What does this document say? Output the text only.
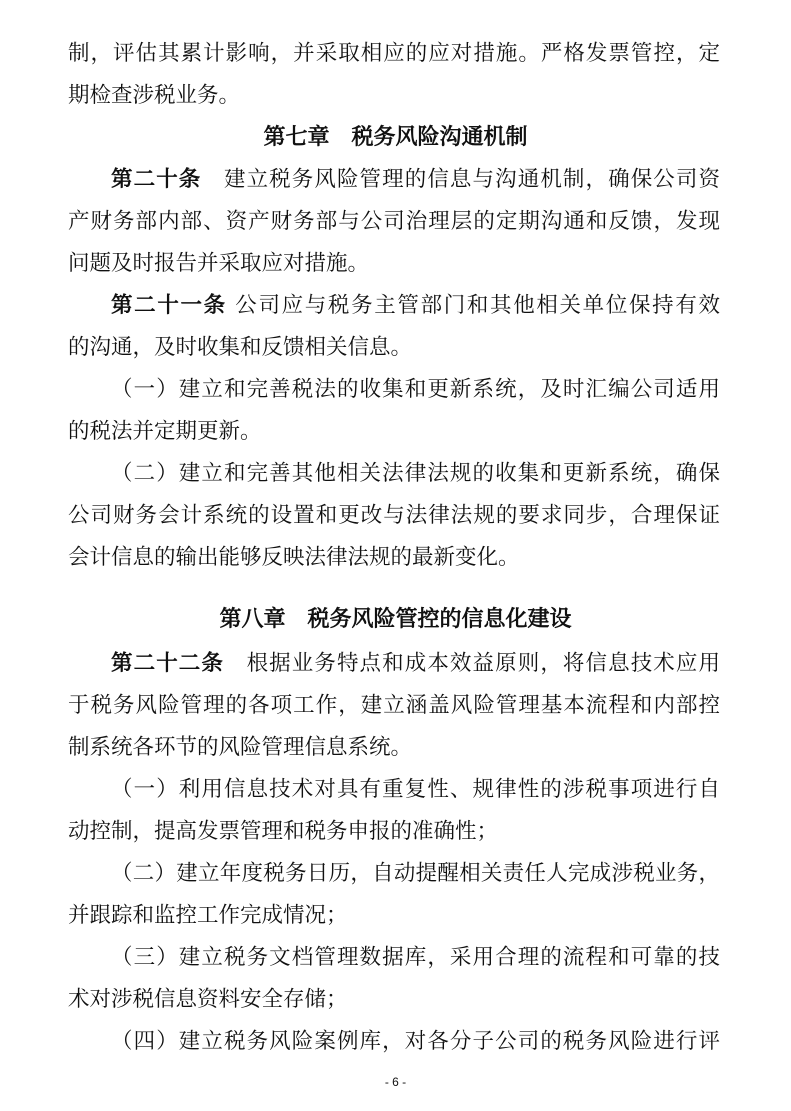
制，评估其累计影响，并采取相应的应对措施。严格发票管控，定
期检查涉税业务。
第七章　税务风险沟通机制
第二十条　建立税务风险管理的信息与沟通机制，确保公司资
产财务部内部、资产财务部与公司治理层的定期沟通和反馈，发现
问题及时报告并采取应对措施。
第二十一条 公司应与税务主管部门和其他相关单位保持有效
的沟通，及时收集和反馈相关信息。
（一）建立和完善税法的收集和更新系统，及时汇编公司适用
的税法并定期更新。
（二）建立和完善其他相关法律法规的收集和更新系统，确保
公司财务会计系统的设置和更改与法律法规的要求同步，合理保证
会计信息的输出能够反映法律法规的最新变化。
第八章　税务风险管控的信息化建设
第二十二条　根据业务特点和成本效益原则，将信息技术应用
于税务风险管理的各项工作，建立涵盖风险管理基本流程和内部控
制系统各环节的风险管理信息系统。
（一）利用信息技术对具有重复性、规律性的涉税事项进行自
动控制，提高发票管理和税务申报的准确性；
（二）建立年度税务日历，自动提醒相关责任人完成涉税业务，
并跟踪和监控工作完成情况；
（三）建立税务文档管理数据库，采用合理的流程和可靠的技
术对涉税信息资料安全存储；
（四）建立税务风险案例库，对各分子公司的税务风险进行评
- 6 -
